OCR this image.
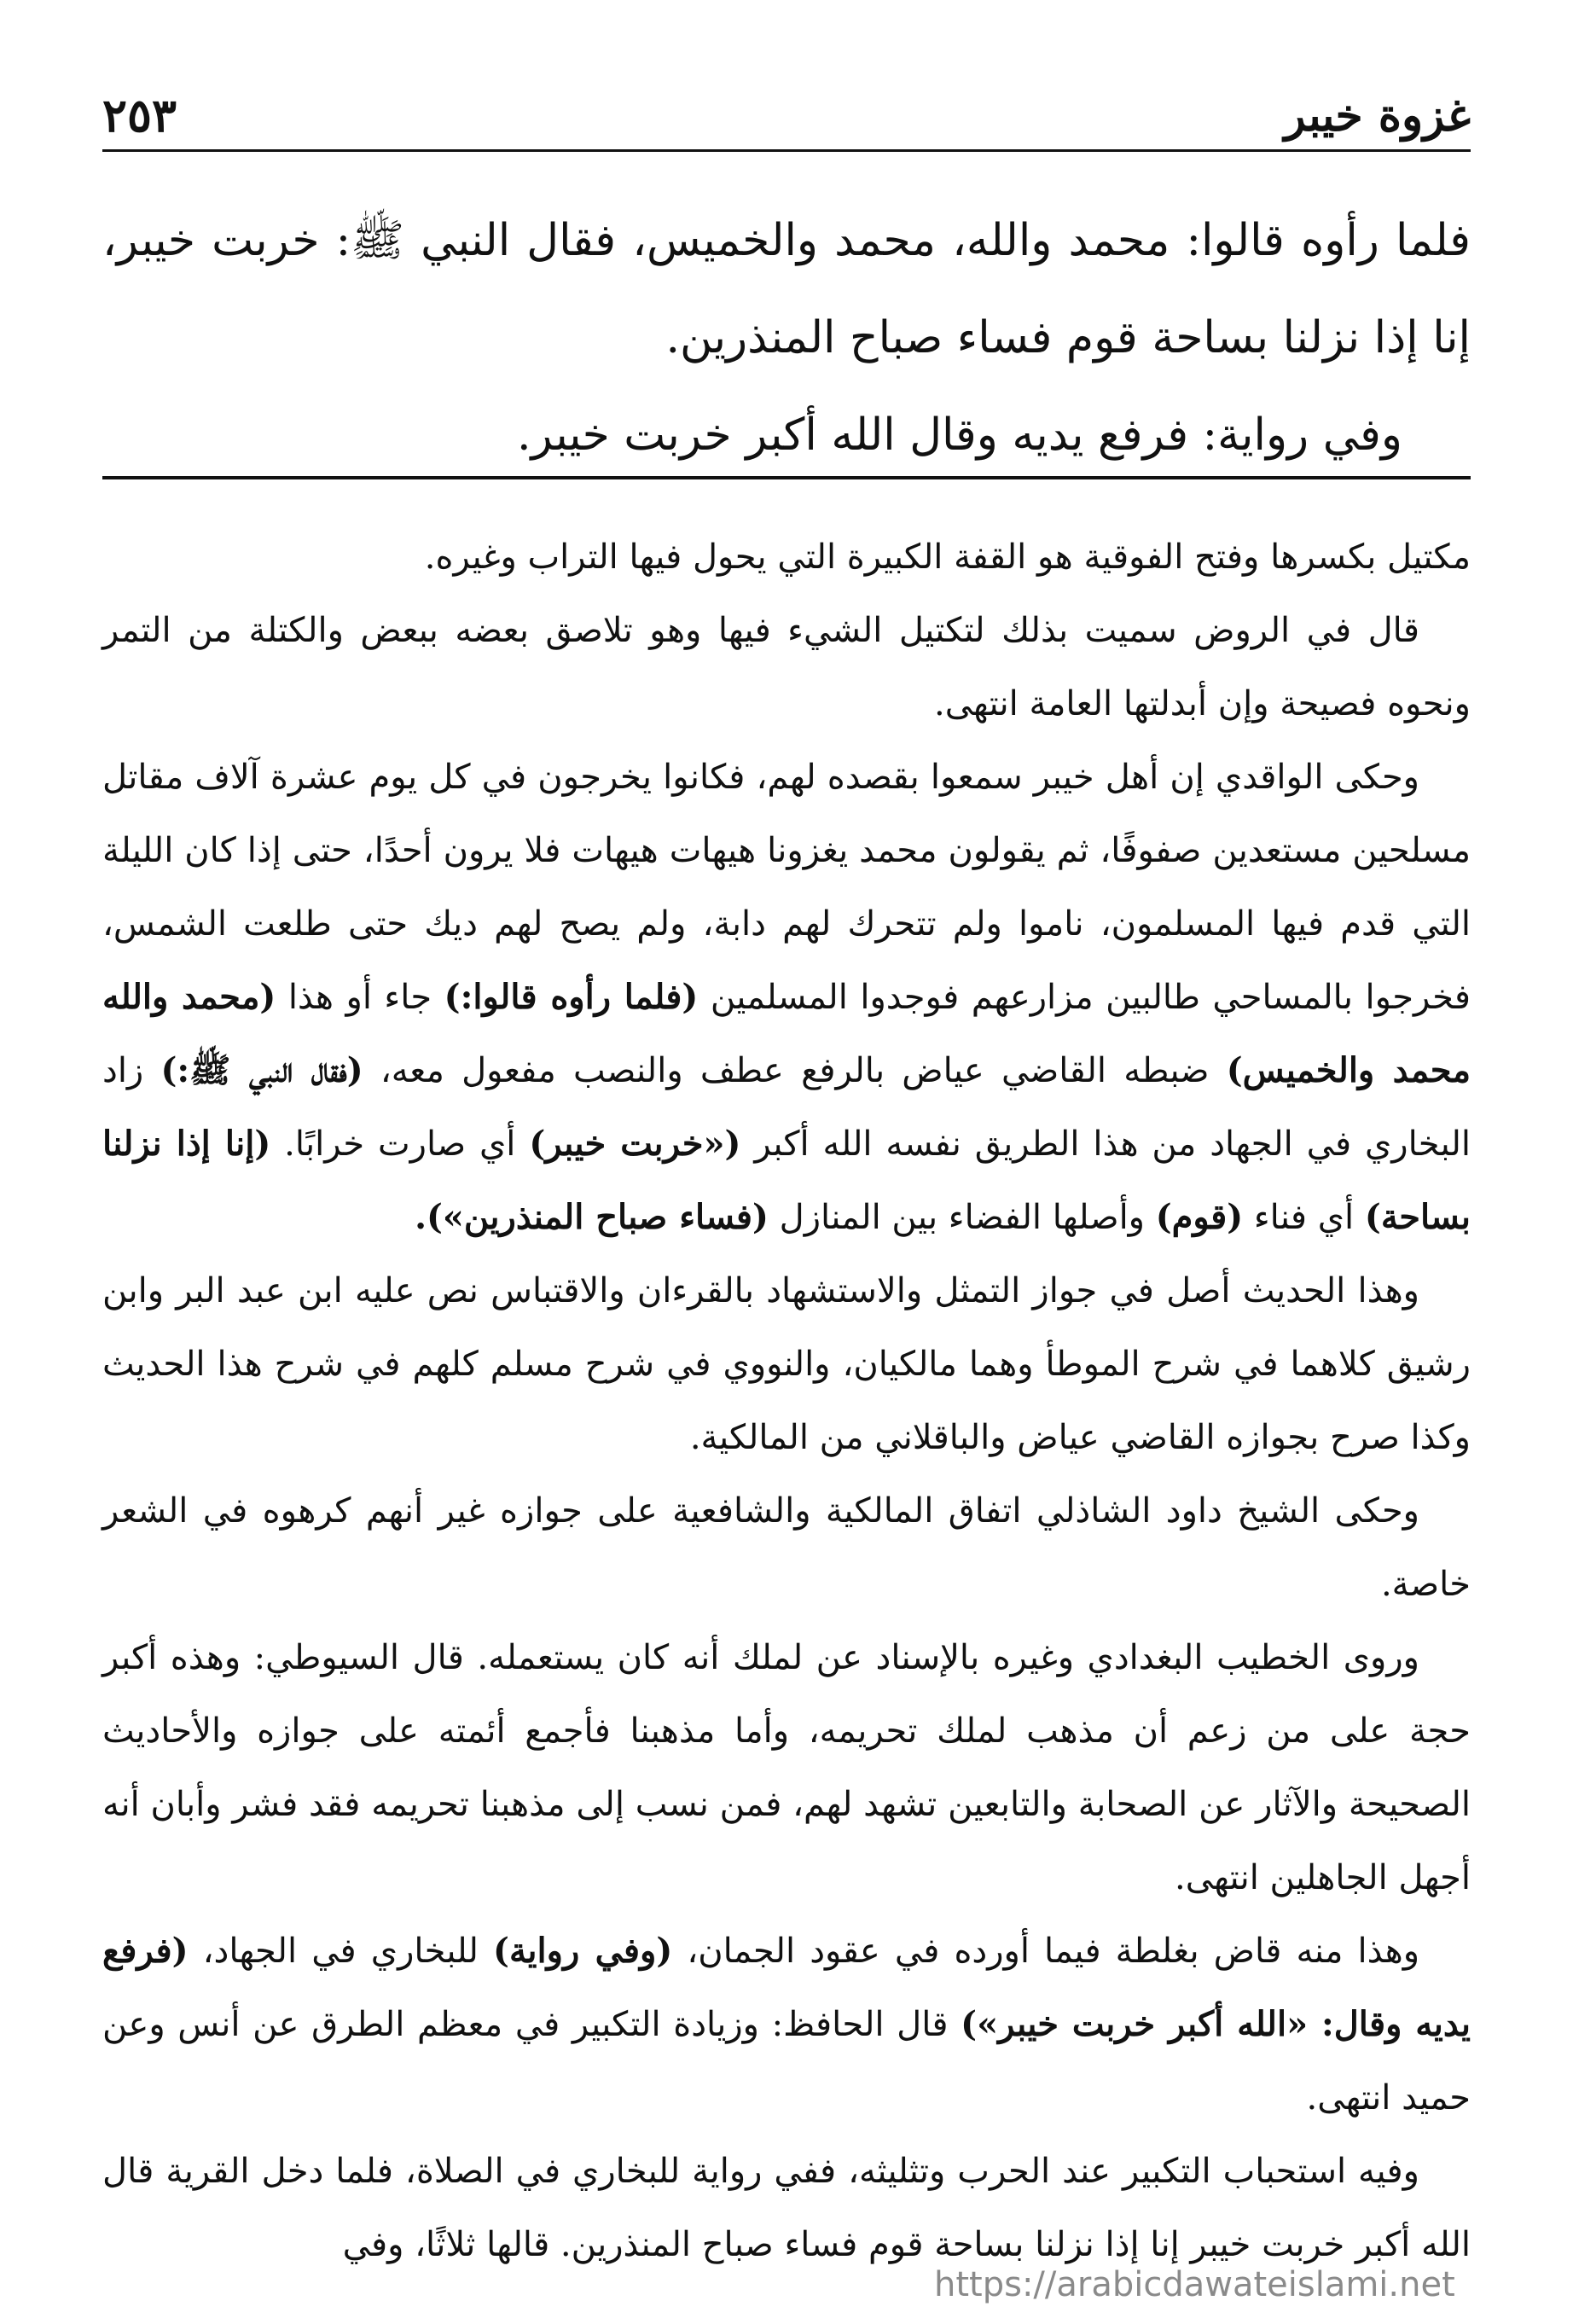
غزوة خيبر
٢٥٣

فلما رأوه قالوا: محمد والله، محمد والخميس، فقال النبي ﷺ: خربت خيبر، إنا إذا نزلنا بساحة قوم فساء صباح المنذرين.

وفي رواية: فرفع يديه وقال الله أكبر خربت خيبر.

مكتيل بكسرها وفتح الفوقية هو القفة الكبيرة التي يحول فيها التراب وغيره.

قال في الروض سميت بذلك لتكتيل الشيء فيها وهو تلاصق بعضه ببعض والكتلة من التمر ونحوه فصيحة وإن أبدلتها العامة انتهى.

وحكى الواقدي إن أهل خيبر سمعوا بقصده لهم، فكانوا يخرجون في كل يوم عشرة آلاف مقاتل مسلحين مستعدين صفوفًا، ثم يقولون محمد يغزونا هيهات هيهات فلا يرون أحدًا، حتى إذا كان الليلة التي قدم فيها المسلمون، ناموا ولم تتحرك لهم دابة، ولم يصح لهم ديك حتى طلعت الشمس، فخرجوا بالمساحي طالبين مزارعهم فوجدوا المسلمين (فلما رأوه قالوا:) جاء أو هذا (محمد والله محمد والخميس) ضبطه القاضي عياض بالرفع عطف والنصب مفعول معه، (فقال النبي ﷺ:) زاد البخاري في الجهاد من هذا الطريق نفسه الله أكبر («خربت خيبر) أي صارت خرابًا. (إنا إذا نزلنا بساحة) أي فناء (قوم) وأصلها الفضاء بين المنازل (فساء صباح المنذرين»).

وهذا الحديث أصل في جواز التمثل والاستشهاد بالقرءان والاقتباس نص عليه ابن عبد البر وابن رشيق كلاهما في شرح الموطأ وهما مالكيان، والنووي في شرح مسلم كلهم في شرح هذا الحديث وكذا صرح بجوازه القاضي عياض والباقلاني من المالكية.

وحكى الشيخ داود الشاذلي اتفاق المالكية والشافعية على جوازه غير أنهم كرهوه في الشعر خاصة.

وروى الخطيب البغدادي وغيره بالإسناد عن لملك أنه كان يستعمله. قال السيوطي: وهذه أكبر حجة على من زعم أن مذهب لملك تحريمه، وأما مذهبنا فأجمع أئمته على جوازه والأحاديث الصحيحة والآثار عن الصحابة والتابعين تشهد لهم، فمن نسب إلى مذهبنا تحريمه فقد فشر وأبان أنه أجهل الجاهلين انتهى.

وهذا منه قاض بغلطة فيما أورده في عقود الجمان، (وفي رواية) للبخاري في الجهاد، (فرفع يديه وقال: «الله أكبر خربت خيبر») قال الحافظ: وزيادة التكبير في معظم الطرق عن أنس وعن حميد انتهى.

وفيه استحباب التكبير عند الحرب وتثليثه، ففي رواية للبخاري في الصلاة، فلما دخل القرية قال الله أكبر خربت خيبر إنا إذا نزلنا بساحة قوم فساء صباح المنذرين. قالها ثلاثًا، وفي

https://arabicdawateislami.net
